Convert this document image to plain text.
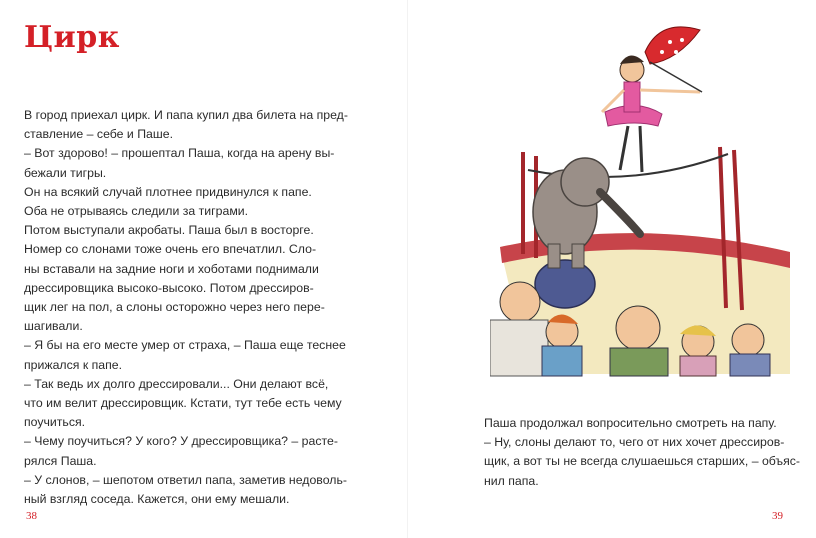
Цирк
В город приехал цирк. И папа купил два билета на пред-
ставление – себе и Паше.
– Вот здорово! – прошептал Паша, когда на арену вы-
бежали тигры.
Он на всякий случай плотнее придвинулся к папе.
Оба не отрываясь следили за тиграми.
Потом выступали акробаты. Паша был в восторге.
Номер со слонами тоже очень его впечатлил. Сло-
ны вставали на задние ноги и хоботами поднимали
дрессировщика высоко-высоко. Потом дрессиров-
щик лег на пол, а слоны осторожно через него пере-
шагивали.
– Я бы на его месте умер от страха, – Паша еще теснее
прижался к папе.
– Так ведь их долго дрессировали... Они делают всё,
что им велит дрессировщик. Кстати, тут тебе есть чему
поучиться.
– Чему поучиться? У кого? У дрессировщика? – расте-
рялся Паша.
– У слонов, – шепотом ответил папа, заметив недоволь-
ный взгляд соседа. Кажется, они ему мешали.
38
Паша продолжал вопросительно смотреть на папу.
– Ну, слоны делают то, чего от них хочет дрессиров-
щик, а вот ты не всегда слушаешься старших, – объяс-
нил папа.
39
